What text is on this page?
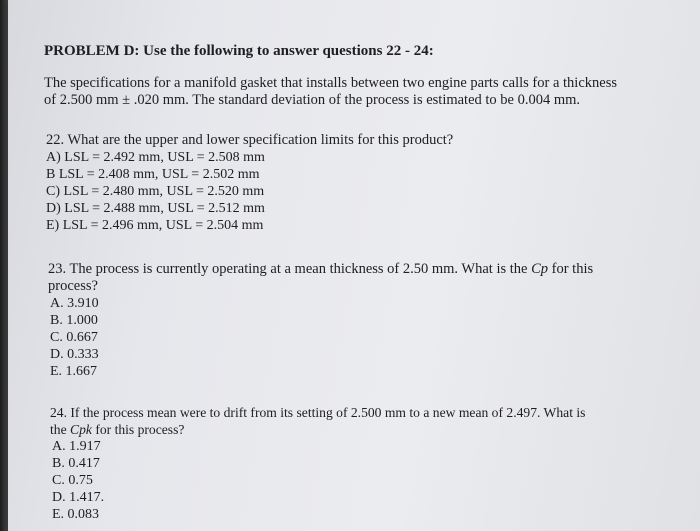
PROBLEM D: Use the following to answer questions 22 - 24:
The specifications for a manifold gasket that installs between two engine parts calls for a thickness
of 2.500 mm ± .020 mm. The standard deviation of the process is estimated to be 0.004 mm.
22. What are the upper and lower specification limits for this product?
A) LSL = 2.492 mm, USL = 2.508 mm
B LSL = 2.408 mm, USL = 2.502 mm
C) LSL = 2.480 mm, USL = 2.520 mm
D) LSL = 2.488 mm, USL = 2.512 mm
E) LSL = 2.496 mm, USL = 2.504 mm
23. The process is currently operating at a mean thickness of 2.50 mm. What is the Cp for this
process?
A. 3.910
B. 1.000
C. 0.667
D. 0.333
E. 1.667
24. If the process mean were to drift from its setting of 2.500 mm to a new mean of 2.497. What is
the Cpk for this process?
A. 1.917
B. 0.417
C. 0.75
D. 1.417.
E. 0.083
